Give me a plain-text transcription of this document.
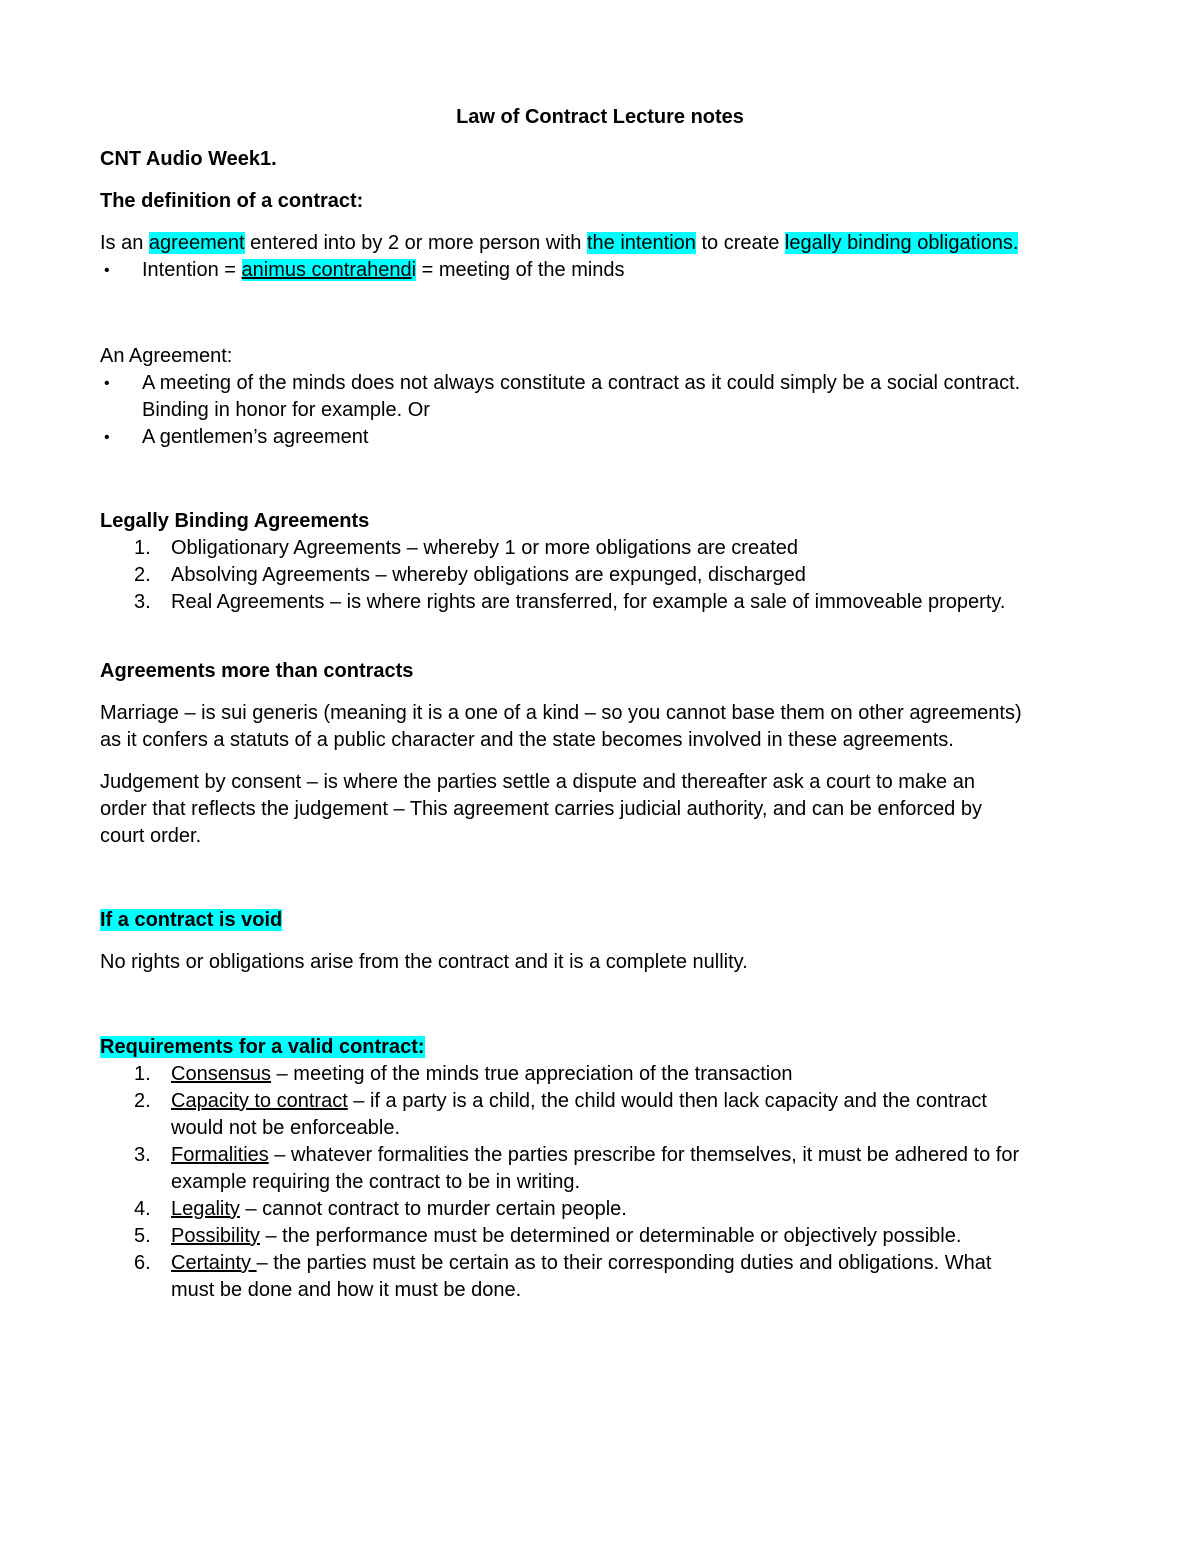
Law of Contract Lecture notes
CNT Audio Week1.
The definition of a contract:
Is an agreement entered into by 2 or more person with the intention to create legally binding obligations.
•	Intention = animus contrahendi = meeting of the minds
An Agreement:
•	A meeting of the minds does not always constitute a contract as it could simply be a social contract.
Binding in honor for example. Or
•	A gentlemen’s agreement
Legally Binding Agreements
1.	Obligationary Agreements – whereby 1 or more obligations are created
2.	Absolving Agreements – whereby obligations are expunged, discharged
3.	Real Agreements – is where rights are transferred, for example a sale of immoveable property.
Agreements more than contracts
Marriage – is sui generis (meaning it is a one of a kind – so you cannot base them on other agreements)
as it confers a statuts of a public character and the state becomes involved in these agreements.
Judgement by consent – is where the parties settle a dispute and thereafter ask a court to make an
order that reflects the judgement – This agreement carries judicial authority, and can be enforced by
court order.
If a contract is void
No rights or obligations arise from the contract and it is a complete nullity.
Requirements for a valid contract:
1.	Consensus – meeting of the minds true appreciation of the transaction
2.	Capacity to contract – if a party is a child, the child would then lack capacity and the contract
would not be enforceable.
3.	Formalities – whatever formalities the parties prescribe for themselves, it must be adhered to for
example requiring the contract to be in writing.
4.	Legality – cannot contract to murder certain people.
5.	Possibility – the performance must be determined or determinable or objectively possible.
6.	Certainty – the parties must be certain as to their corresponding duties and obligations. What
must be done and how it must be done.
